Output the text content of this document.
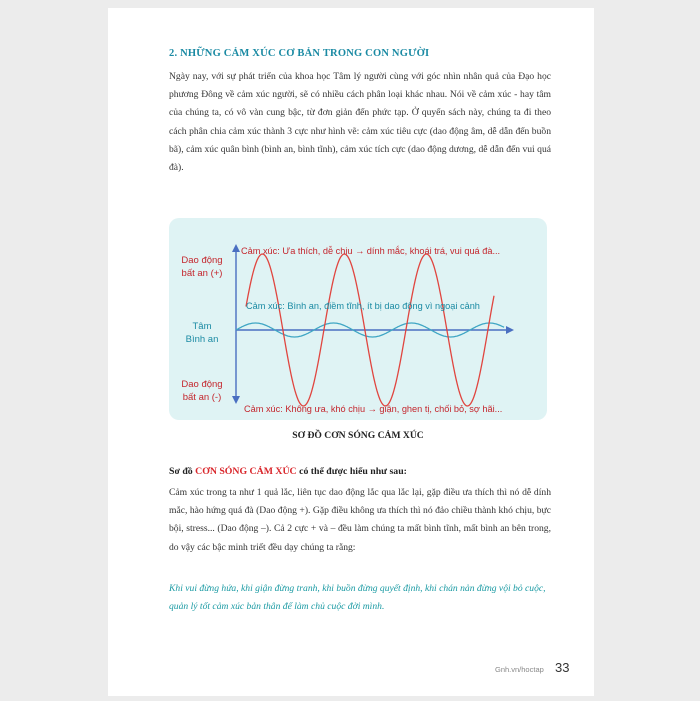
2. NHỮNG CẢM XÚC CƠ BẢN TRONG CON NGƯỜI

Ngày nay, với sự phát triển của khoa học Tâm lý người cùng với góc nhìn nhân quả của Đạo học phương Đông về cảm xúc người, sẽ có nhiều cách phân loại khác nhau. Nói về cảm xúc - hay tâm của chúng ta, có vô vàn cung bậc, từ đơn giản đến phức tạp. Ở quyển sách này, chúng ta đi theo cách phân chia cảm xúc thành 3 cực như hình vẽ: cảm xúc tiêu cực (dao động âm, dễ dẫn đến buồn bã), cảm xúc quân bình (bình an, bình tĩnh), cảm xúc tích cực (dao động dương, dễ dẫn đến vui quá đà).

Dao động
bất an (+)
Tâm
Bình an
Dao động
bất an (-)
Cảm xúc: Ưa thích, dễ chịu → dính mắc, khoái trá, vui quá đà...
Cảm xúc: Bình an, điềm tĩnh, ít bị dao động vì ngoại cảnh
Cảm xúc: Không ưa, khó chịu → giận, ghen tị, chối bỏ, sợ hãi...
SƠ ĐỒ CƠN SÓNG CẢM XÚC
Sơ đồ CƠN SÓNG CẢM XÚC có thể được hiểu như sau:

Cảm xúc trong ta như 1 quả lắc, liên tục dao động lắc qua lắc lại, gặp điều ưa thích thì nó dễ dính mắc, hào hứng quá đà (Dao động +). Gặp điều không ưa thích thì nó đảo chiều thành khó chịu, bực bội, stress... (Dao động –). Cả 2 cực + và – đều làm chúng ta mất bình tĩnh, mất bình an bên trong, do vậy các bậc minh triết đều dạy chúng ta rằng:

Khi vui đừng hứa, khi giận đừng tranh, khi buồn đừng quyết định, khi chán nản đừng vội bỏ cuộc, quản lý tốt cảm xúc bản thân để làm chủ cuộc đời mình.

Gnh.vn/hoctap 33
